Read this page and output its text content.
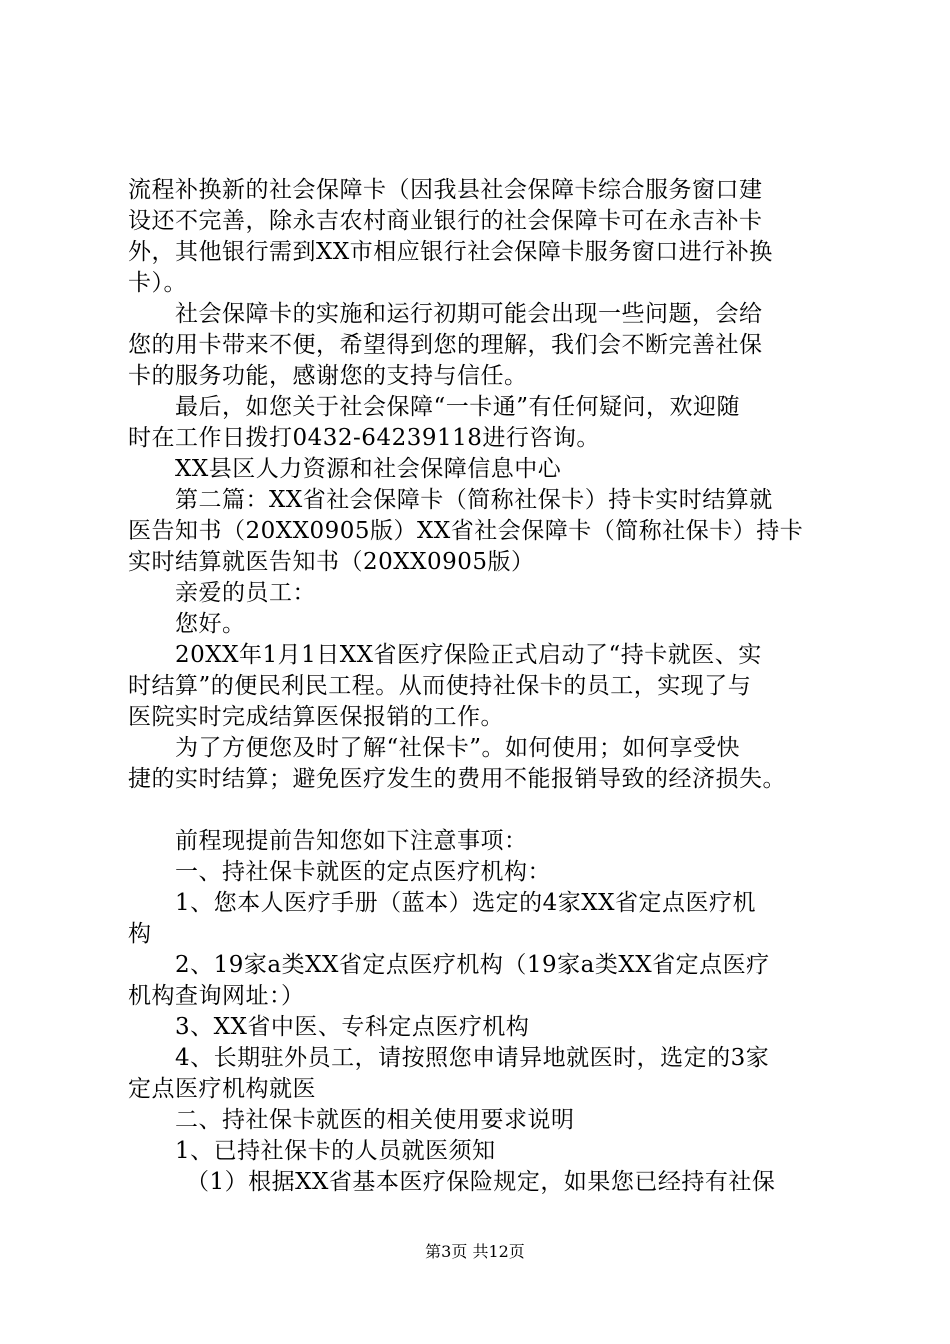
流程补换新的社会保障卡（因我县社会保障卡综合服务窗口建
设还不完善，除永吉农村商业银行的社会保障卡可在永吉补卡
外，其他银行需到XX市相应银行社会保障卡服务窗口进行补换
卡）。
社会保障卡的实施和运行初期可能会出现一些问题，会给
您的用卡带来不便，希望得到您的理解，我们会不断完善社保
卡的服务功能，感谢您的支持与信任。
最后，如您关于社会保障“一卡通”有任何疑问，欢迎随
时在工作日拨打0432-64239118进行咨询。
XX县区人力资源和社会保障信息中心
第二篇：XX省社会保障卡（简称社保卡）持卡实时结算就
医告知书（20XX0905版）XX省社会保障卡（简称社保卡）持卡
实时结算就医告知书（20XX0905版）
亲爱的员工：
您好。
20XX年1月1日XX省医疗保险正式启动了“持卡就医、实
时结算”的便民利民工程。从而使持社保卡的员工，实现了与
医院实时完成结算医保报销的工作。
为了方便您及时了解“社保卡”。如何使用；如何享受快
捷的实时结算；避免医疗发生的费用不能报销导致的经济损失。
前程现提前告知您如下注意事项：
一、持社保卡就医的定点医疗机构：
1、您本人医疗手册（蓝本）选定的4家XX省定点医疗机
构
2、19家a类XX省定点医疗机构（19家a类XX省定点医疗
机构查询网址：）
3、XX省中医、专科定点医疗机构
4、长期驻外员工，请按照您申请异地就医时，选定的3家
定点医疗机构就医
二、持社保卡就医的相关使用要求说明
1、已持社保卡的人员就医须知
（1）根据XX省基本医疗保险规定，如果您已经持有社保
第3页 共12页
